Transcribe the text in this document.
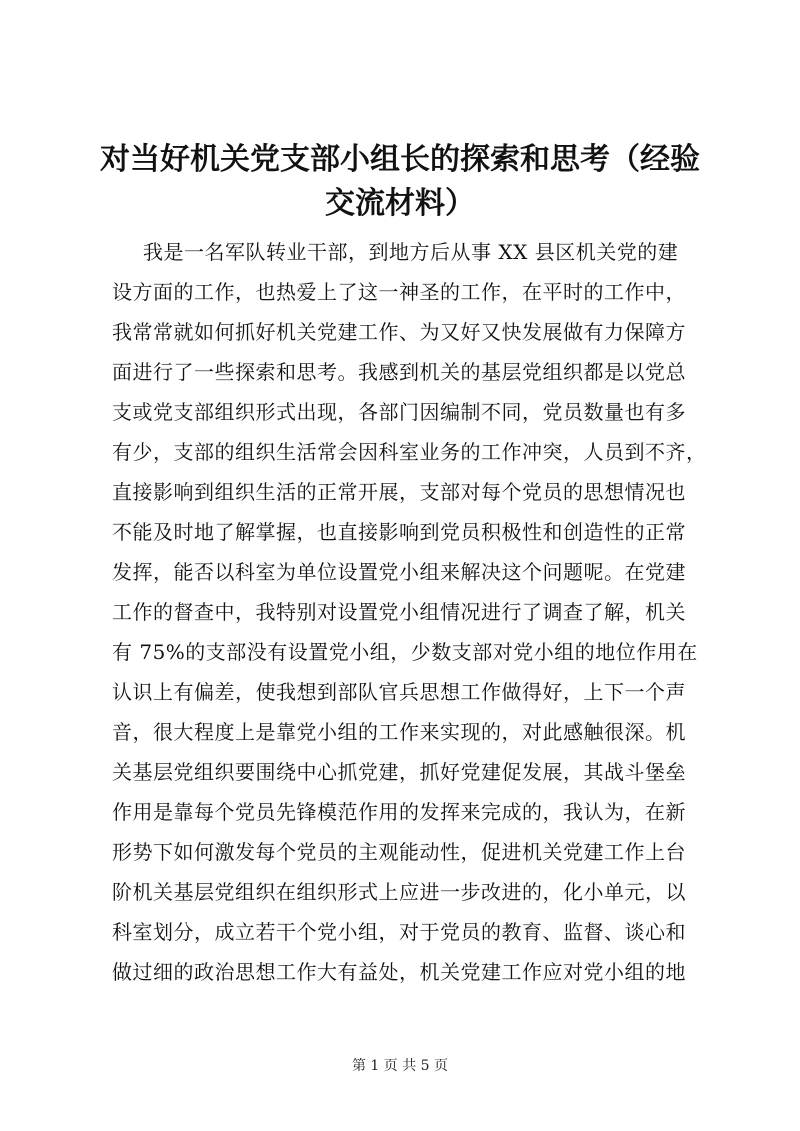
对当好机关党支部小组长的探索和思考（经验
交流材料）
　　我是一名军队转业干部，到地方后从事 XX 县区机关党的建
设方面的工作，也热爱上了这一神圣的工作，在平时的工作中，
我常常就如何抓好机关党建工作、为又好又快发展做有力保障方
面进行了一些探索和思考。我感到机关的基层党组织都是以党总
支或党支部组织形式出现，各部门因编制不同，党员数量也有多
有少，支部的组织生活常会因科室业务的工作冲突，人员到不齐，
直接影响到组织生活的正常开展，支部对每个党员的思想情况也
不能及时地了解掌握，也直接影响到党员积极性和创造性的正常
发挥，能否以科室为单位设置党小组来解决这个问题呢。在党建
工作的督查中，我特别对设置党小组情况进行了调查了解，机关
有 75%的支部没有设置党小组，少数支部对党小组的地位作用在
认识上有偏差，使我想到部队官兵思想工作做得好，上下一个声
音，很大程度上是靠党小组的工作来实现的，对此感触很深。机
关基层党组织要围绕中心抓党建，抓好党建促发展，其战斗堡垒
作用是靠每个党员先锋模范作用的发挥来完成的，我认为，在新
形势下如何激发每个党员的主观能动性，促进机关党建工作上台
阶机关基层党组织在组织形式上应进一步改进的，化小单元，以
科室划分，成立若干个党小组，对于党员的教育、监督、谈心和
做过细的政治思想工作大有益处，机关党建工作应对党小组的地
第 1 页 共 5 页
